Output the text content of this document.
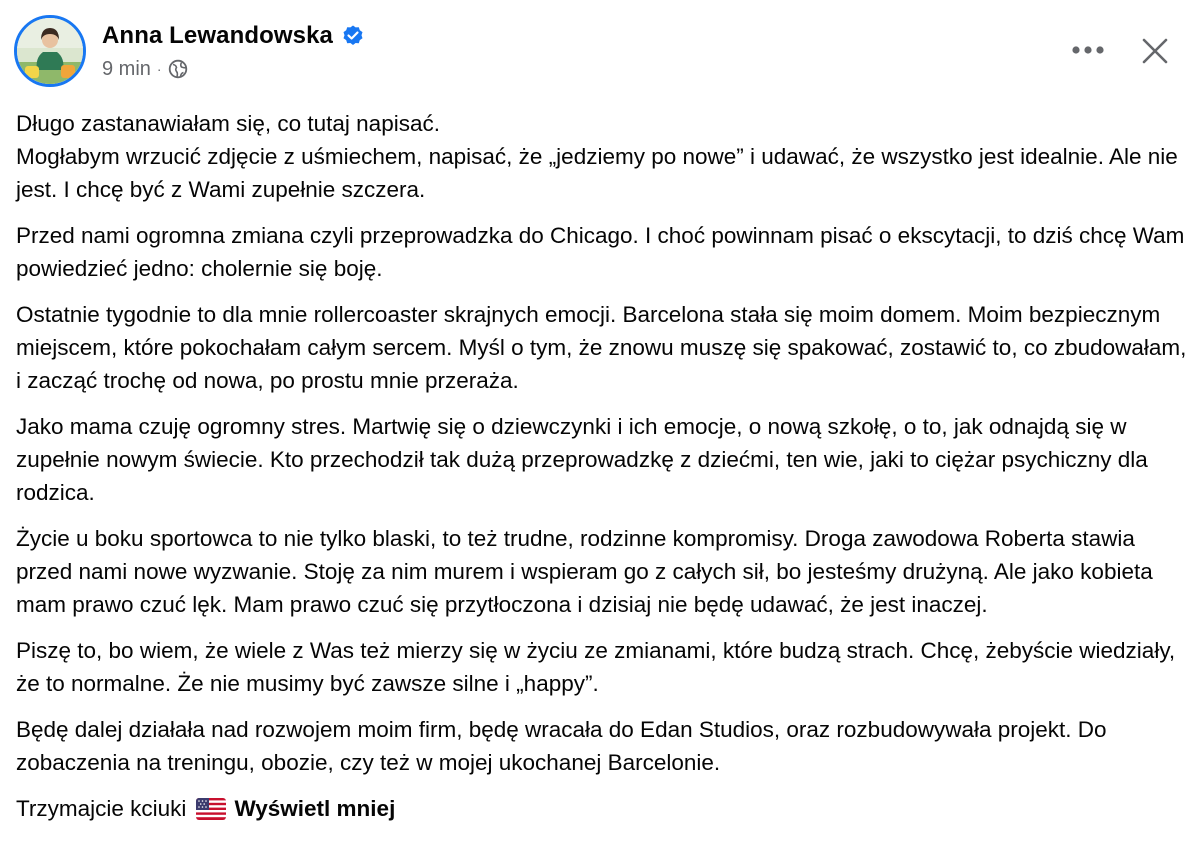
Anna Lewandowska
9 min ·

Długo zastanawiałam się, co tutaj napisać.
Mogłabym wrzucić zdjęcie z uśmiechem, napisać, że „jedziemy po nowe” i udawać, że wszystko jest idealnie. Ale nie jest. I chcę być z Wami zupełnie szczera.

Przed nami ogromna zmiana czyli przeprowadzka do Chicago. I choć powinnam pisać o ekscytacji, to dziś chcę Wam powiedzieć jedno: cholernie się boję.

Ostatnie tygodnie to dla mnie rollercoaster skrajnych emocji. Barcelona stała się moim domem. Moim bezpiecznym miejscem, które pokochałam całym sercem. Myśl o tym, że znowu muszę się spakować, zostawić to, co zbudowałam, i zacząć trochę od nowa, po prostu mnie przeraża.

Jako mama czuję ogromny stres. Martwię się o dziewczynki i ich emocje, o nową szkołę, o to, jak odnajdą się w zupełnie nowym świecie. Kto przechodził tak dużą przeprowadzkę z dziećmi, ten wie, jaki to ciężar psychiczny dla rodzica.

Życie u boku sportowca to nie tylko blaski, to też trudne, rodzinne kompromisy. Droga zawodowa Roberta stawia przed nami nowe wyzwanie. Stoję za nim murem i wspieram go z całych sił, bo jesteśmy drużyną. Ale jako kobieta mam prawo czuć lęk. Mam prawo czuć się przytłoczona i dzisiaj nie będę udawać, że jest inaczej.

Piszę to, bo wiem, że wiele z Was też mierzy się w życiu ze zmianami, które budzą strach. Chcę, żebyście wiedziały, że to normalne. Że nie musimy być zawsze silne i „happy”.

Będę dalej działała nad rozwojem moim firm, będę wracała do Edan Studios, oraz rozbudowywała projekt. Do zobaczenia na treningu, obozie, czy też w mojej ukochanej Barcelonie.

Trzymajcie kciuki Wyświetl mniej
